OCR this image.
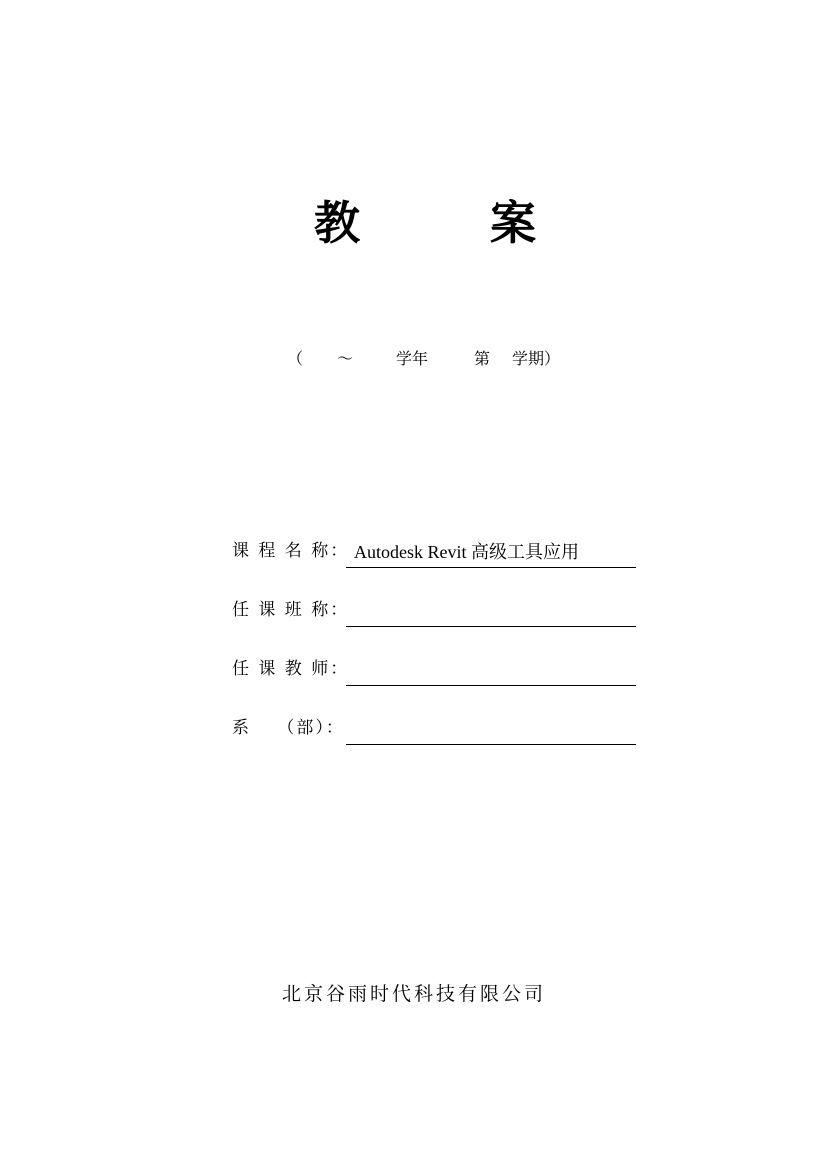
教	案
（ ～	学年	第 学期）
课 程 名 称： Autodesk Revit 高级工具应用
任 课 班 称：
任 课 教 师：
系　 （部）：
北京谷雨时代科技有限公司
